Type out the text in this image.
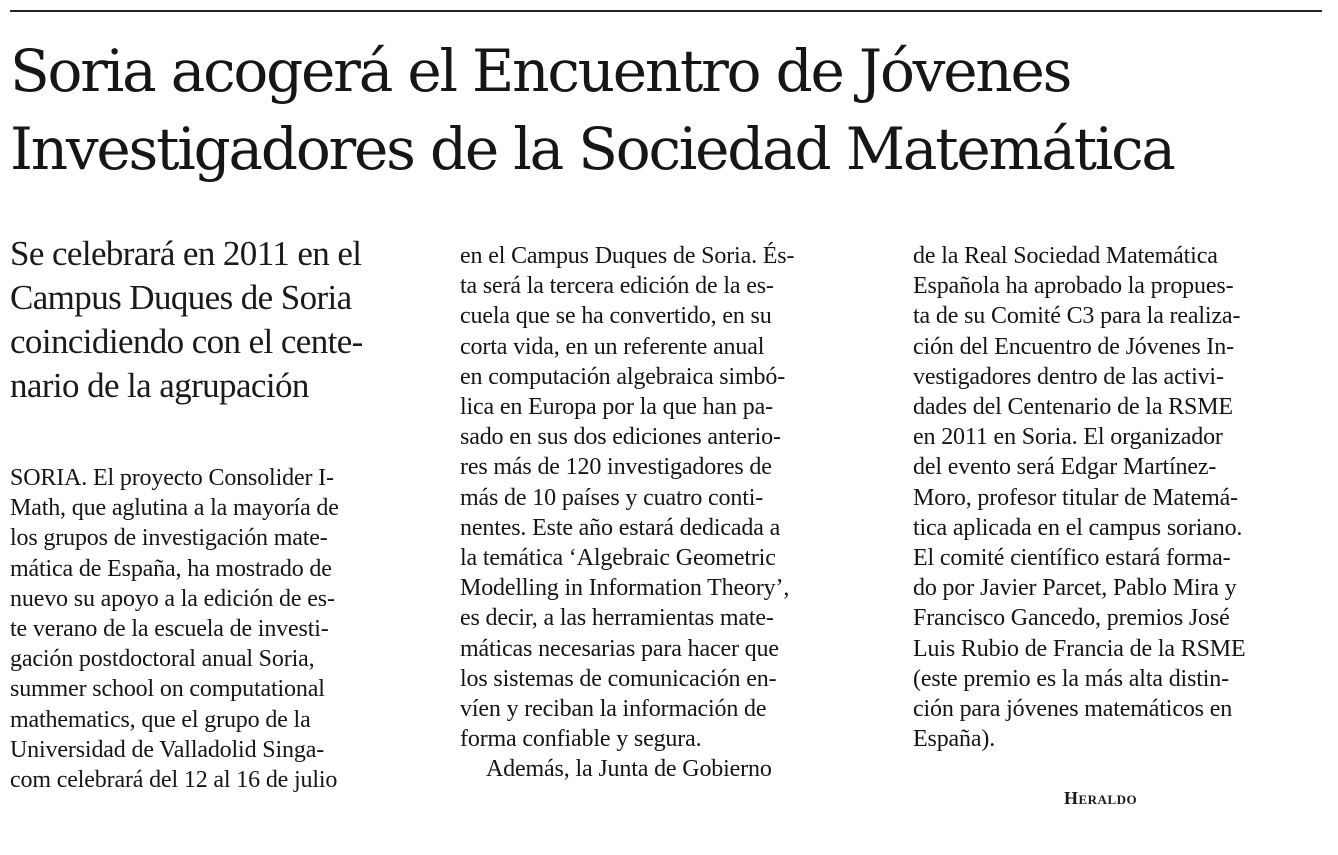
Soria acogerá el Encuentro de Jóvenes
Investigadores de la Sociedad Matemática
Se celebrará en 2011 en el
Campus Duques de Soria
coincidiendo con el cente-
nario de la agrupación
SORIA. El proyecto Consolider I-
Math, que aglutina a la mayoría de
los grupos de investigación mate-
mática de España, ha mostrado de
nuevo su apoyo a la edición de es-
te verano de la escuela de investi-
gación postdoctoral anual Soria,
summer school on computational
mathematics, que el grupo de la
Universidad de Valladolid Singa-
com celebrará del 12 al 16 de julio
en el Campus Duques de Soria. És-
ta será la tercera edición de la es-
cuela que se ha convertido, en su
corta vida, en un referente anual
en computación algebraica simbó-
lica en Europa por la que han pa-
sado en sus dos ediciones anterio-
res más de 120 investigadores de
más de 10 países y cuatro conti-
nentes. Este año estará dedicada a
la temática ‘Algebraic Geometric
Modelling in Information Theory’,
es decir, a las herramientas mate-
máticas necesarias para hacer que
los sistemas de comunicación en-
víen y reciban la información de
forma confiable y segura.
Además, la Junta de Gobierno
de la Real Sociedad Matemática
Española ha aprobado la propues-
ta de su Comité C3 para la realiza-
ción del Encuentro de Jóvenes In-
vestigadores dentro de las activi-
dades del Centenario de la RSME
en 2011 en Soria. El organizador
del evento será Edgar Martínez-
Moro, profesor titular de Matemá-
tica aplicada en el campus soriano.
El comité científico estará forma-
do por Javier Parcet, Pablo Mira y
Francisco Gancedo, premios José
Luis Rubio de Francia de la RSME
(este premio es la más alta distin-
ción para jóvenes matemáticos en
España).
Heraldo
